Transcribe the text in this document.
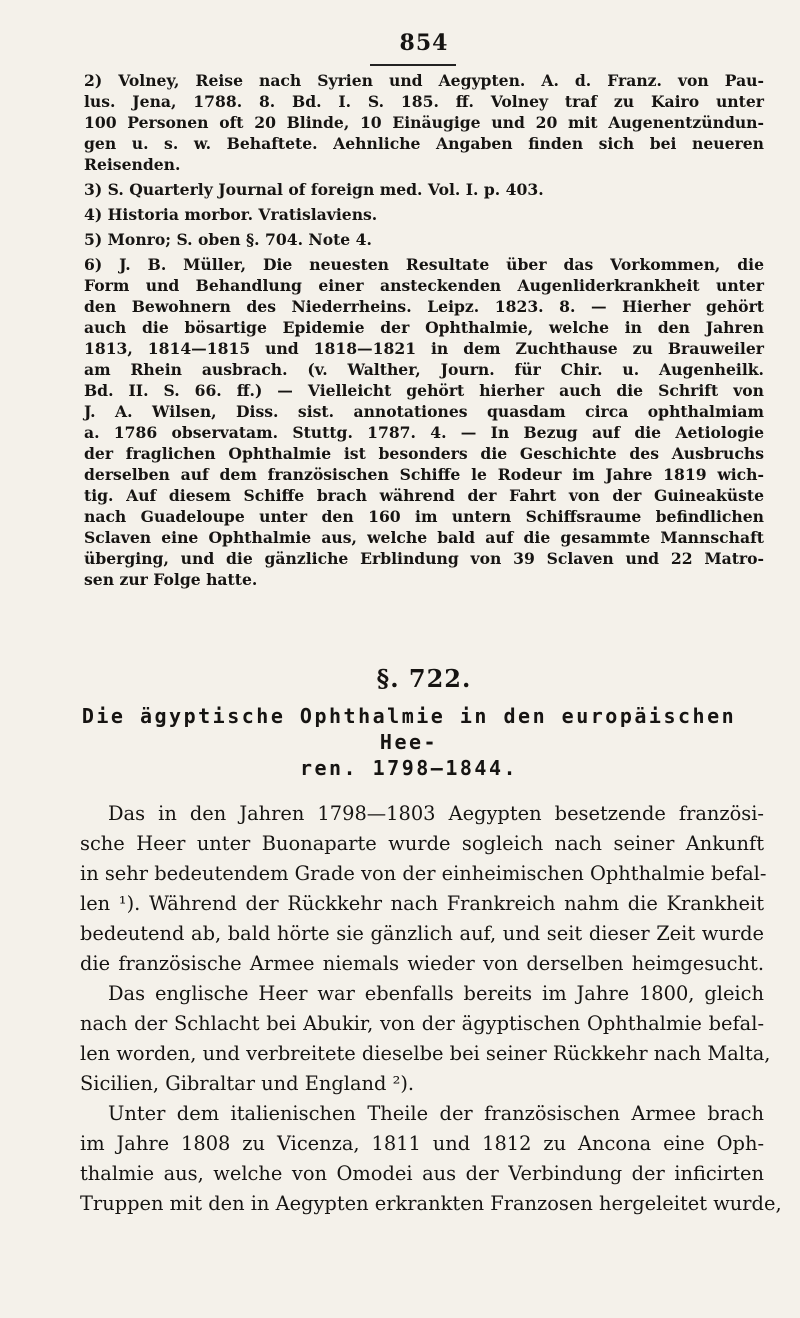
854

2) Volney, Reise nach Syrien und Aegypten. A. d. Franz. von Pau-
lus. Jena, 1788. 8. Bd. I. S. 185. ff. Volney traf zu Kairo unter
100 Personen oft 20 Blinde, 10 Einäugige und 20 mit Augenentzündun-
gen u. s. w. Behaftete. Aehnliche Angaben finden sich bei neueren
Reisenden.

3) S. Quarterly Journal of foreign med. Vol. I. p. 403.

4) Historia morbor. Vratislaviens.

5) Monro; S. oben §. 704. Note 4.

6) J. B. Müller, Die neuesten Resultate über das Vorkommen, die
Form und Behandlung einer ansteckenden Augenliderkrankheit unter
den Bewohnern des Niederrheins. Leipz. 1823. 8. — Hierher gehört
auch die bösartige Epidemie der Ophthalmie, welche in den Jahren
1813, 1814—1815 und 1818—1821 in dem Zuchthause zu Brauweiler
am Rhein ausbrach. (v. Walther, Journ. für Chir. u. Augenheilk.
Bd. II. S. 66. ff.) — Vielleicht gehört hierher auch die Schrift von
J. A. Wilsen, Diss. sist. annotationes quasdam circa ophthalmiam
a. 1786 observatam. Stuttg. 1787. 4. — In Bezug auf die Aetiologie
der fraglichen Ophthalmie ist besonders die Geschichte des Ausbruchs
derselben auf dem französischen Schiffe le Rodeur im Jahre 1819 wich-
tig. Auf diesem Schiffe brach während der Fahrt von der Guineaküste
nach Guadeloupe unter den 160 im untern Schiffsraume befindlichen
Sclaven eine Ophthalmie aus, welche bald auf die gesammte Mannschaft
überging, und die gänzliche Erblindung von 39 Sclaven und 22 Matro-
sen zur Folge hatte.

§. 722.
Die ägyptische Ophthalmie in den europäischen Hee-
ren. 1798—1844.
Das in den Jahren 1798—1803 Aegypten besetzende französi-
sche Heer unter Buonaparte wurde sogleich nach seiner Ankunft
in sehr bedeutendem Grade von der einheimischen Ophthalmie befal-
len ¹). Während der Rückkehr nach Frankreich nahm die Krankheit
bedeutend ab, bald hörte sie gänzlich auf, und seit dieser Zeit wurde
die französische Armee niemals wieder von derselben heimgesucht.
Das englische Heer war ebenfalls bereits im Jahre 1800, gleich
nach der Schlacht bei Abukir, von der ägyptischen Ophthalmie befal-
len worden, und verbreitete dieselbe bei seiner Rückkehr nach Malta,
Sicilien, Gibraltar und England ²).
Unter dem italienischen Theile der französischen Armee brach
im Jahre 1808 zu Vicenza, 1811 und 1812 zu Ancona eine Oph-
thalmie aus, welche von Omodei aus der Verbindung der inficirten
Truppen mit den in Aegypten erkrankten Franzosen hergeleitet wurde,
